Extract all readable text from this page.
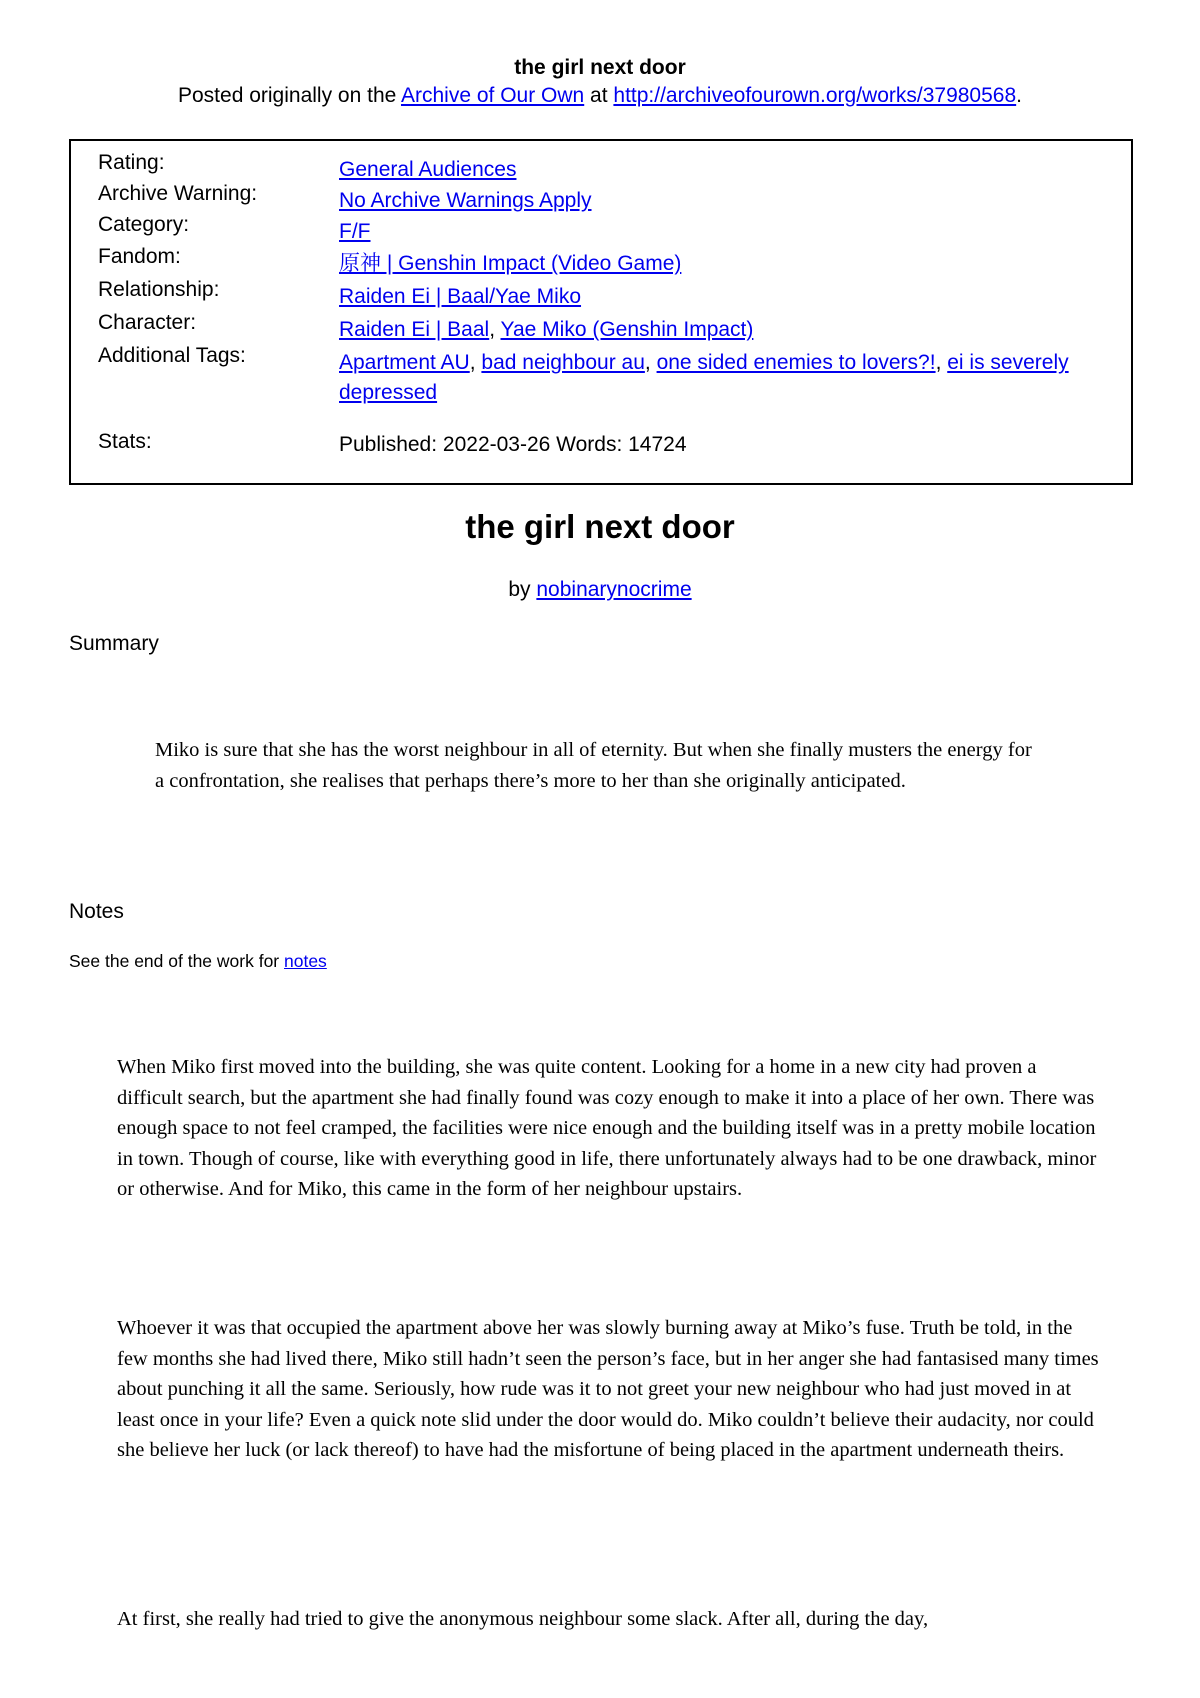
the girl next door
Posted originally on the Archive of Our Own at http://archiveofourown.org/works/37980568.
Rating:	General Audiences
Archive Warning:	No Archive Warnings Apply
Category:	F/F
Fandom:	原神 | Genshin Impact (Video Game)
Relationship:	Raiden Ei | Baal/Yae Miko
Character:	Raiden Ei | Baal, Yae Miko (Genshin Impact)
Additional Tags:	Apartment AU, bad neighbour au, one sided enemies to lovers?!, ei is severely depressed
Stats:	Published: 2022-03-26 Words: 14724
the girl next door
by nobinarynocrime
Summary
Miko is sure that she has the worst neighbour in all of eternity. But when she finally musters the energy for a confrontation, she realises that perhaps there’s more to her than she originally anticipated.
Notes
See the end of the work for notes
When Miko first moved into the building, she was quite content. Looking for a home in a new city had proven a difficult search, but the apartment she had finally found was cozy enough to make it into a place of her own. There was enough space to not feel cramped, the facilities were nice enough and the building itself was in a pretty mobile location in town. Though of course, like with everything good in life, there unfortunately always had to be one drawback, minor or otherwise. And for Miko, this came in the form of her neighbour upstairs.
Whoever it was that occupied the apartment above her was slowly burning away at Miko’s fuse. Truth be told, in the few months she had lived there, Miko still hadn’t seen the person’s face, but in her anger she had fantasised many times about punching it all the same. Seriously, how rude was it to not greet your new neighbour who had just moved in at least once in your life? Even a quick note slid under the door would do. Miko couldn’t believe their audacity, nor could she believe her luck (or lack thereof) to have had the misfortune of being placed in the apartment underneath theirs.
At first, she really had tried to give the anonymous neighbour some slack. After all, during the day,
